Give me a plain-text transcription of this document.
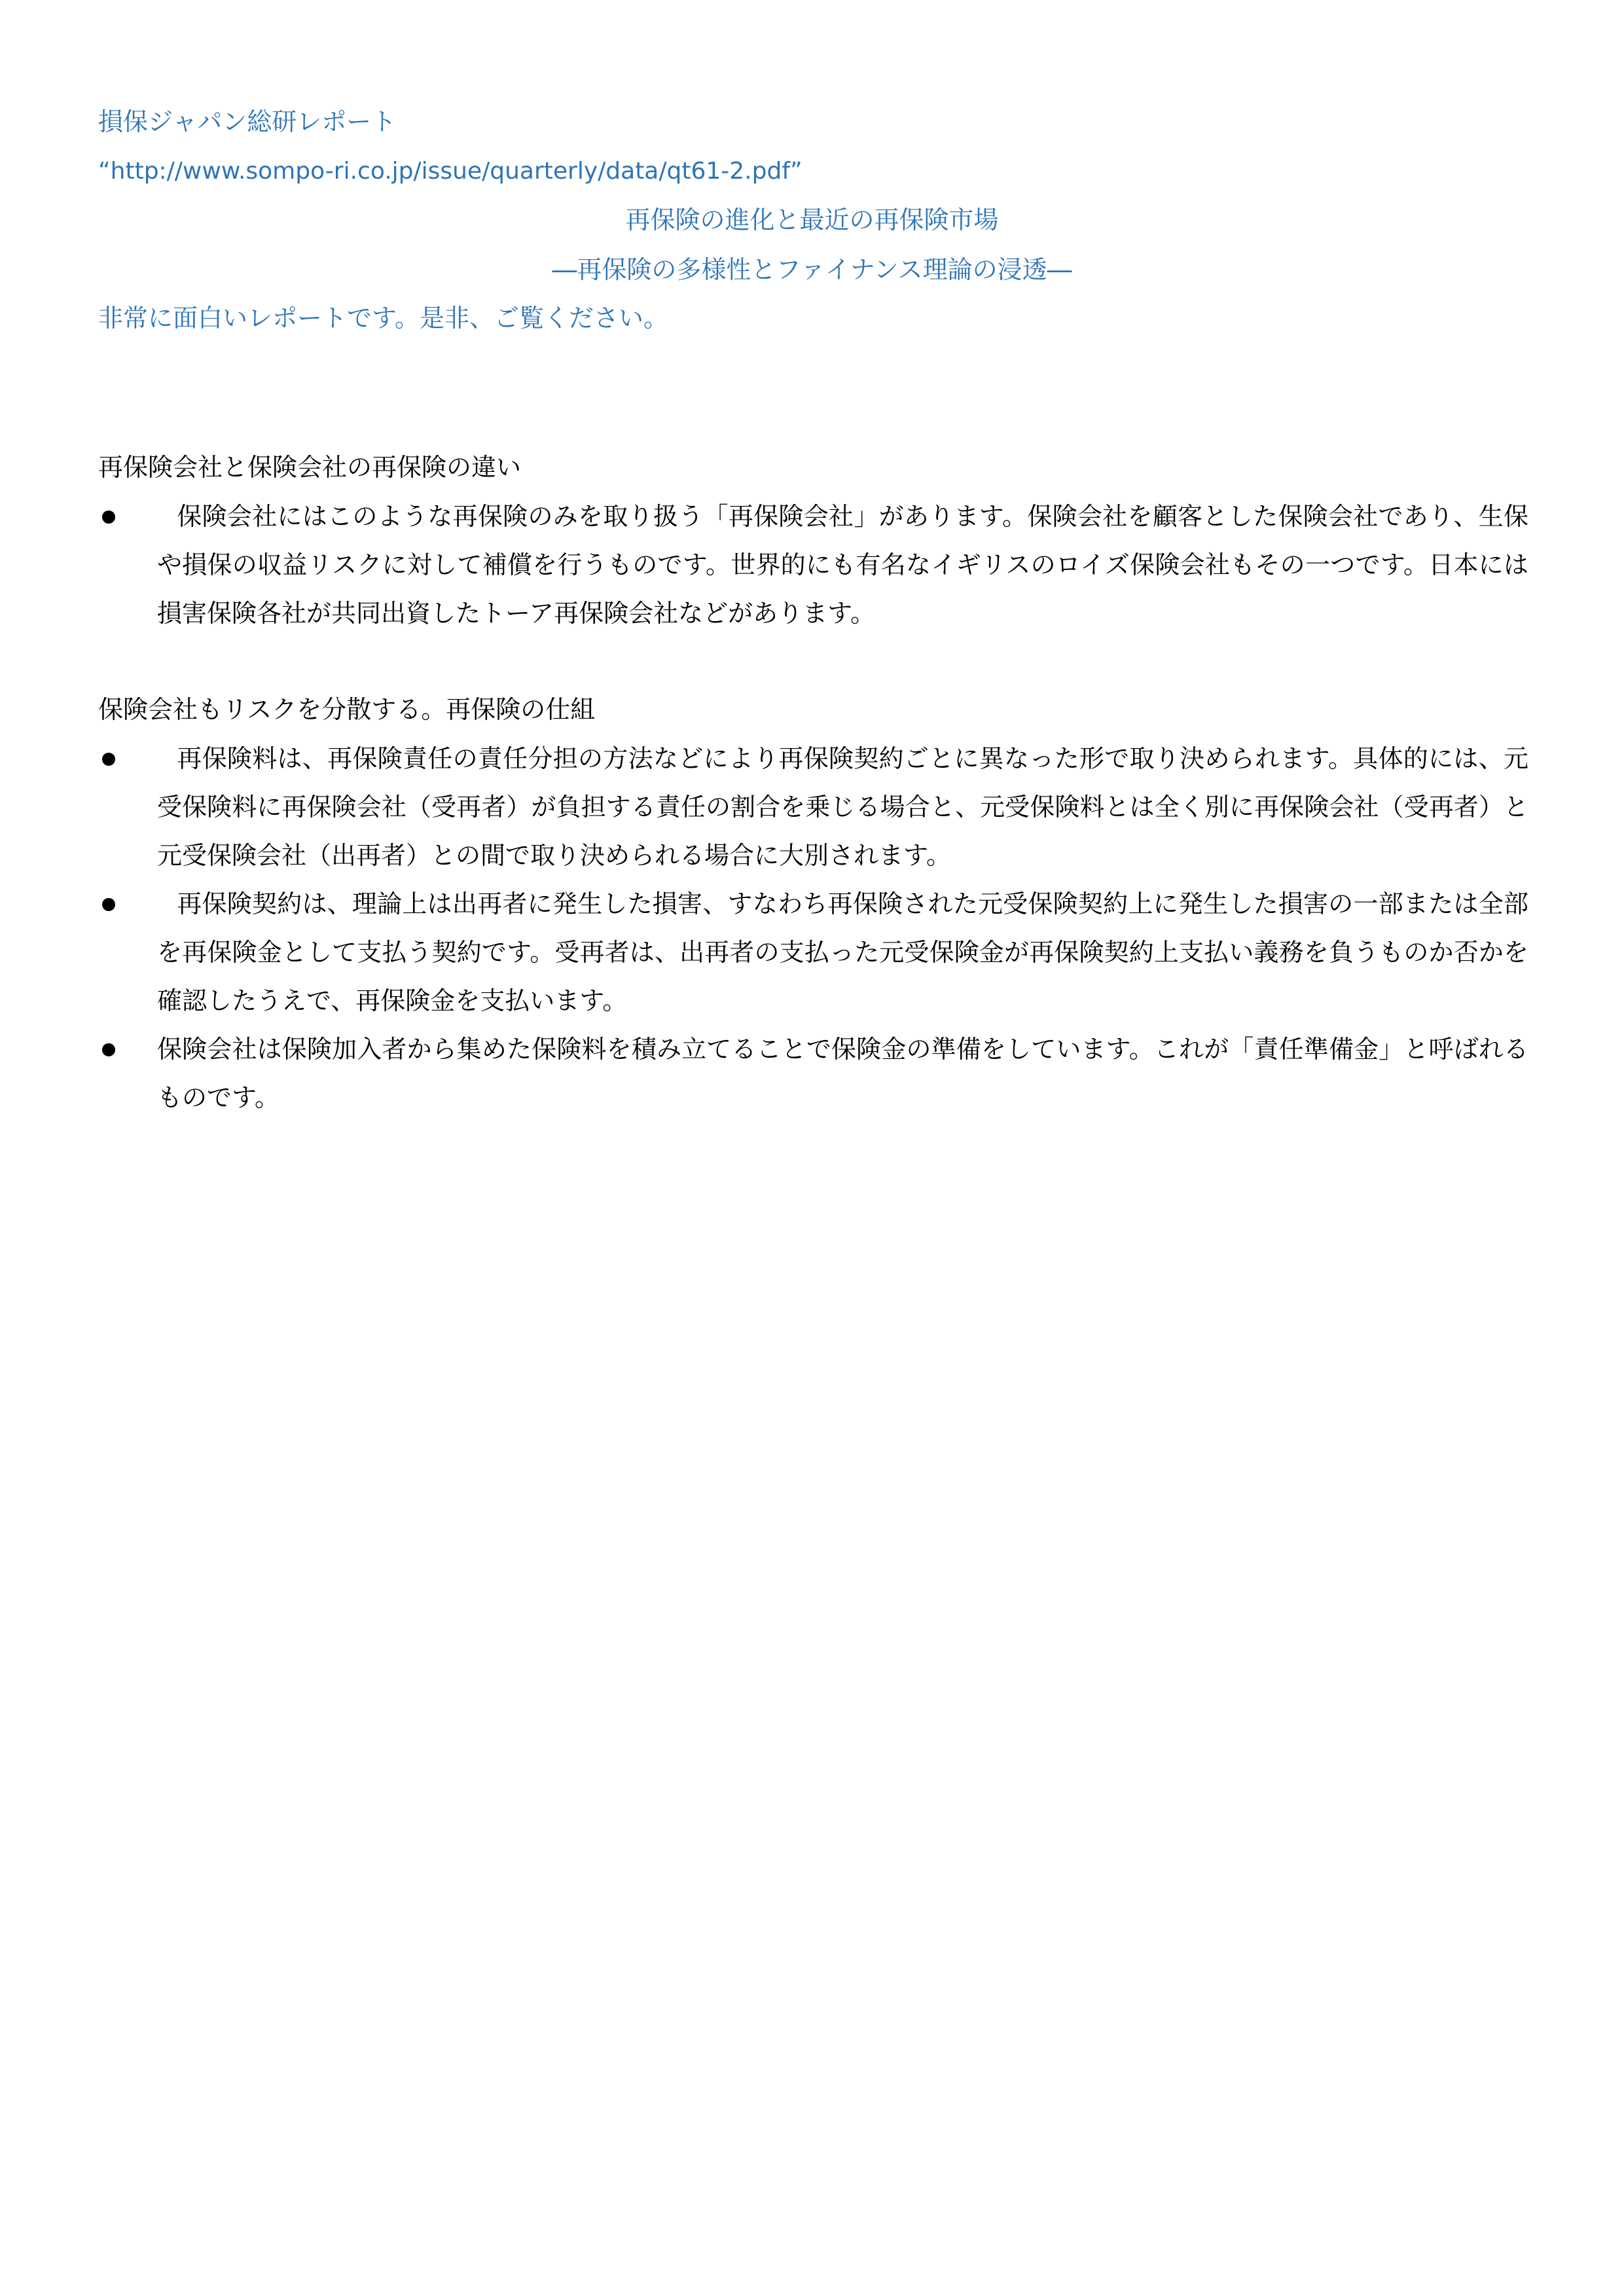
損保ジャパン総研レポート
“http://www.sompo-ri.co.jp/issue/quarterly/data/qt61-2.pdf”
再保険の進化と最近の再保険市場
―再保険の多様性とファイナンス理論の浸透―
非常に面白いレポートです。是非、ご覧ください。
再保険会社と保険会社の再保険の違い
保険会社にはこのような再保険のみを取り扱う「再保険会社」があります。保険会社を顧客とした保険会社であり、生保や損保の収益リスクに対して補償を行うものです。世界的にも有名なイギリスのロイズ保険会社もその一つです。日本には損害保険各社が共同出資したトーア再保険会社などがあります。
保険会社もリスクを分散する。再保険の仕組
再保険料は、再保険責任の責任分担の方法などにより再保険契約ごとに異なった形で取り決められます。具体的には、元受保険料に再保険会社（受再者）が負担する責任の割合を乗じる場合と、元受保険料とは全く別に再保険会社（受再者）と元受保険会社（出再者）との間で取り決められる場合に大別されます。
再保険契約は、理論上は出再者に発生した損害、すなわち再保険された元受保険契約上に発生した損害の一部または全部を再保険金として支払う契約です。受再者は、出再者の支払った元受保険金が再保険契約上支払い義務を負うものか否かを確認したうえで、再保険金を支払います。
保険会社は保険加入者から集めた保険料を積み立てることで保険金の準備をしています。これが「責任準備金」と呼ばれるものです。
